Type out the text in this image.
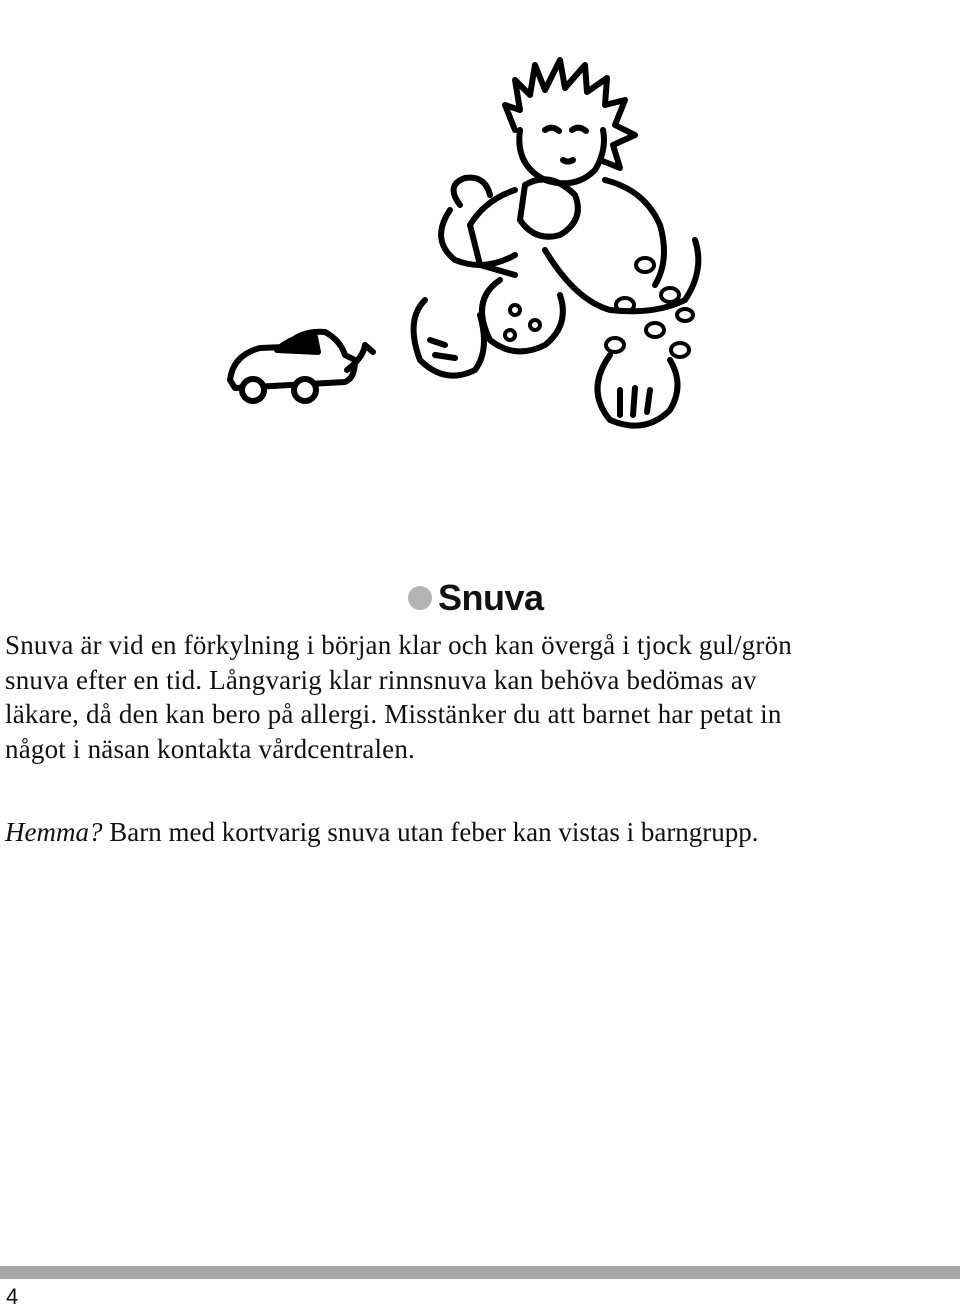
Snuva
Snuva är vid en förkylning i början klar och kan övergå i tjock gul/grön
snuva efter en tid. Långvarig klar rinnsnuva kan behöva bedömas av
läkare, då den kan bero på allergi. Misstänker du att barnet har petat in
något i näsan kontakta vårdcentralen.
Hemma? Barn med kortvarig snuva utan feber kan vistas i barngrupp.
4
